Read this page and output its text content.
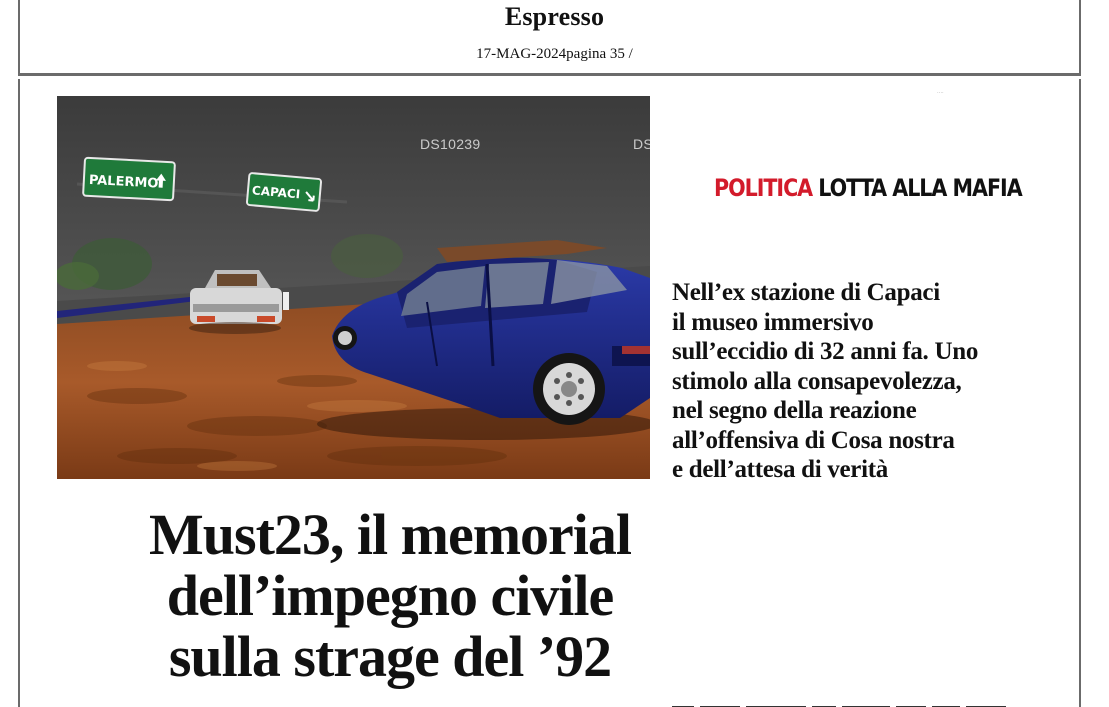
Espresso
17-MAG-2024pagina 35 /
····
PALERMO
CAPACI
DS10239	DS10239
POLITICA LOTTA ALLA MAFIA
Nell’ex stazione di Capaci
il museo immersivo
sull’eccidio di 32 anni fa. Uno
stimolo alla consapevolezza,
nel segno della reazione
all’offensiva di Cosa nostra
e dell’attesa di verità
Must23, il memorial
dell’impegno civile
sulla strage del ’92
